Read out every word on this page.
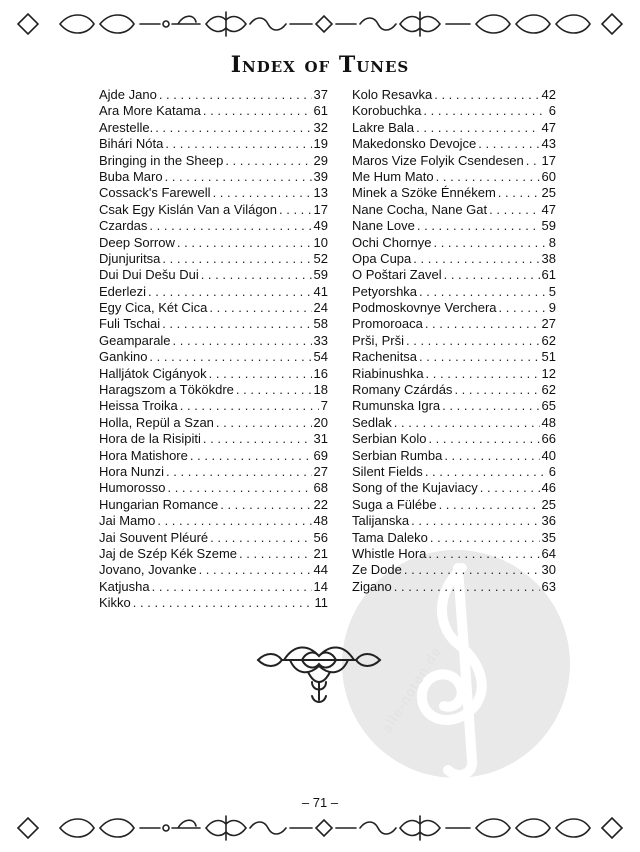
Index of Tunes
alle-noten.de
Ajde Jano . . .	37
Ara More Katama . . .	61
Arestelle. . . .	32
Bihári Nóta . . .	19
Bringing in the Sheep . . .	29
Buba Maro . . .	39
Cossack's Farewell . . .	13
Csak Egy Kislán Van a Világon . . .	17
Czardas . . .	49
Deep Sorrow . . .	10
Djunjuritsa . . .	52
Dui Dui Dešu Dui . . .	59
Ederlezi . . .	41
Egy Cica, Két Cica . . .	24
Fuli Tschai . . .	58
Geamparale . . .	33
Gankino . . .	54
Halljátok Cigányok . . .	16
Haragszom a Tökökdre . . .	18
Heissa Troika . . .	7
Holla, Repül a Szan . . .	20
Hora de la Risipiti . . .	31
Hora Matishore . . .	69
Hora Nunzi . . .	27
Humorosso . . .	68
Hungarian Romance . . .	22
Jai Mamo . . .	48
Jai Souvent Pléuré . . .	56
Jaj de Szép Kék Szeme . . .	21
Jovano, Jovanke . . .	44
Katjusha . . .	14
Kikko . . .	11
Kolo Resavka . . .	42
Korobuchka . . .	6
Lakre Bala . . .	47
Makedonsko Devojce . . .	43
Maros Vize Folyik Csendesen . . . 17
Me Hum Mato . . .	60
Minek a Szöke Énnékem . . .	25
Nane Cocha, Nane Gat . . .	47
Nane Love . . .	59
Ochi Chornye . . .	8
Opa Cupa . . .	38
O Poštari Zavel . . .	61
Petyorshka . . .	5
Podmoskovnye Verchera . . .	9
Promoroaca . . .	27
Prši, Prši . . .	62
Rachenitsa . . .	51
Riabinushka . . .	12
Romany Czárdás . . .	62
Rumunska Igra . . .	65
Sedlak . . .	48
Serbian Kolo . . .	66
Serbian Rumba . . .	40
Silent Fields . . .	6
Song of the Kujaviacy . . .	46
Suga a Fülébe . . .	25
Talijanska . . .	36
Tama Daleko . . .	35
Whistle Hora . . .	64
Ze Dode . . .	30
Zigano . . .	63
– 71 –
